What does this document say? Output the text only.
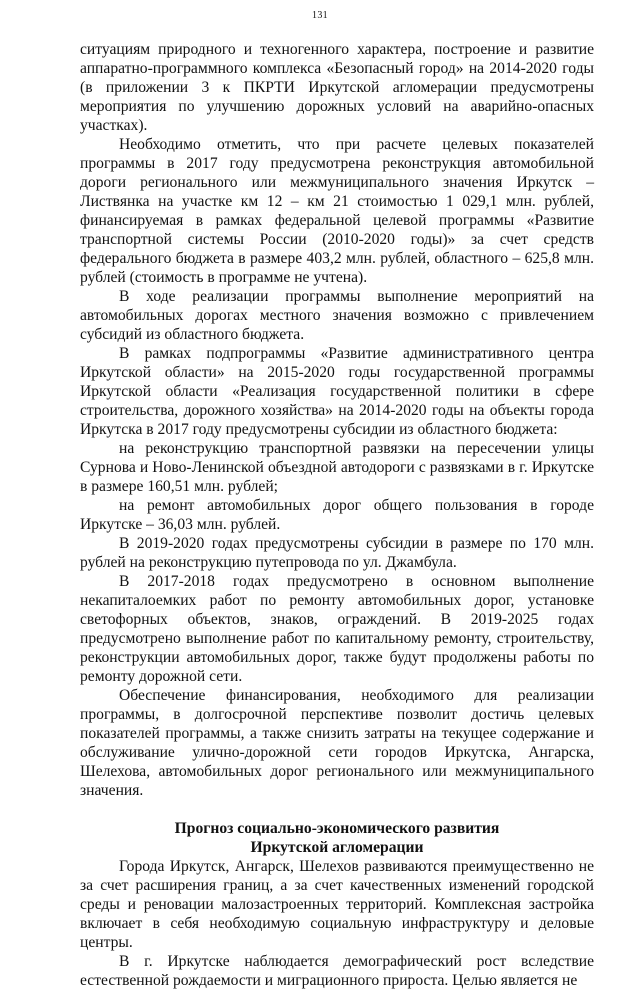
131

ситуациям природного и техногенного характера, построение и развитие аппаратно-программного комплекса «Безопасный город» на 2014-2020 годы (в приложении 3 к ПКРТИ Иркутской агломерации предусмотрены мероприятия по улучшению дорожных условий на аварийно-опасных участках).

Необходимо отметить, что при расчете целевых показателей программы в 2017 году предусмотрена реконструкция автомобильной дороги регионального или межмуниципального значения Иркутск – Листвянка на участке км 12 – км 21 стоимостью 1 029,1 млн. рублей, финансируемая в рамках федеральной целевой программы «Развитие транспортной системы России (2010-2020 годы)» за счет средств федерального бюджета в размере 403,2 млн. рублей, областного – 625,8 млн. рублей (стоимость в программе не учтена).

В ходе реализации программы выполнение мероприятий на автомобильных дорогах местного значения возможно с привлечением субсидий из областного бюджета.

В рамках подпрограммы «Развитие административного центра Иркутской области» на 2015-2020 годы государственной программы Иркутской области «Реализация государственной политики в сфере строительства, дорожного хозяйства» на 2014-2020 годы на объекты города Иркутска в 2017 году предусмотрены субсидии из областного бюджета:

на реконструкцию транспортной развязки на пересечении улицы Сурнова и Ново-Ленинской объездной автодороги с развязками в г. Иркутске в размере 160,51 млн. рублей;

на ремонт автомобильных дорог общего пользования в городе Иркутске – 36,03 млн. рублей.

В 2019-2020 годах предусмотрены субсидии в размере по 170 млн. рублей на реконструкцию путепровода по ул. Джамбула.

В 2017-2018 годах предусмотрено в основном выполнение некапиталоемких работ по ремонту автомобильных дорог, установке светофорных объектов, знаков, ограждений. В 2019-2025 годах предусмотрено выполнение работ по капитальному ремонту, строительству, реконструкции автомобильных дорог, также будут продолжены работы по ремонту дорожной сети.

Обеспечение финансирования, необходимого для реализации программы, в долгосрочной перспективе позволит достичь целевых показателей программы, а также снизить затраты на текущее содержание и обслуживание улично-дорожной сети городов Иркутска, Ангарска, Шелехова, автомобильных дорог регионального или межмуниципального значения.

Прогноз социально-экономического развития

Иркутской агломерации

Города Иркутск, Ангарск, Шелехов развиваются преимущественно не за счет расширения границ, а за счет качественных изменений городской среды и реновации малозастроенных территорий. Комплексная застройка включает в себя необходимую социальную инфраструктуру и деловые центры.

В г. Иркутске наблюдается демографический рост вследствие естественной рождаемости и миграционного прироста. Целью является не
